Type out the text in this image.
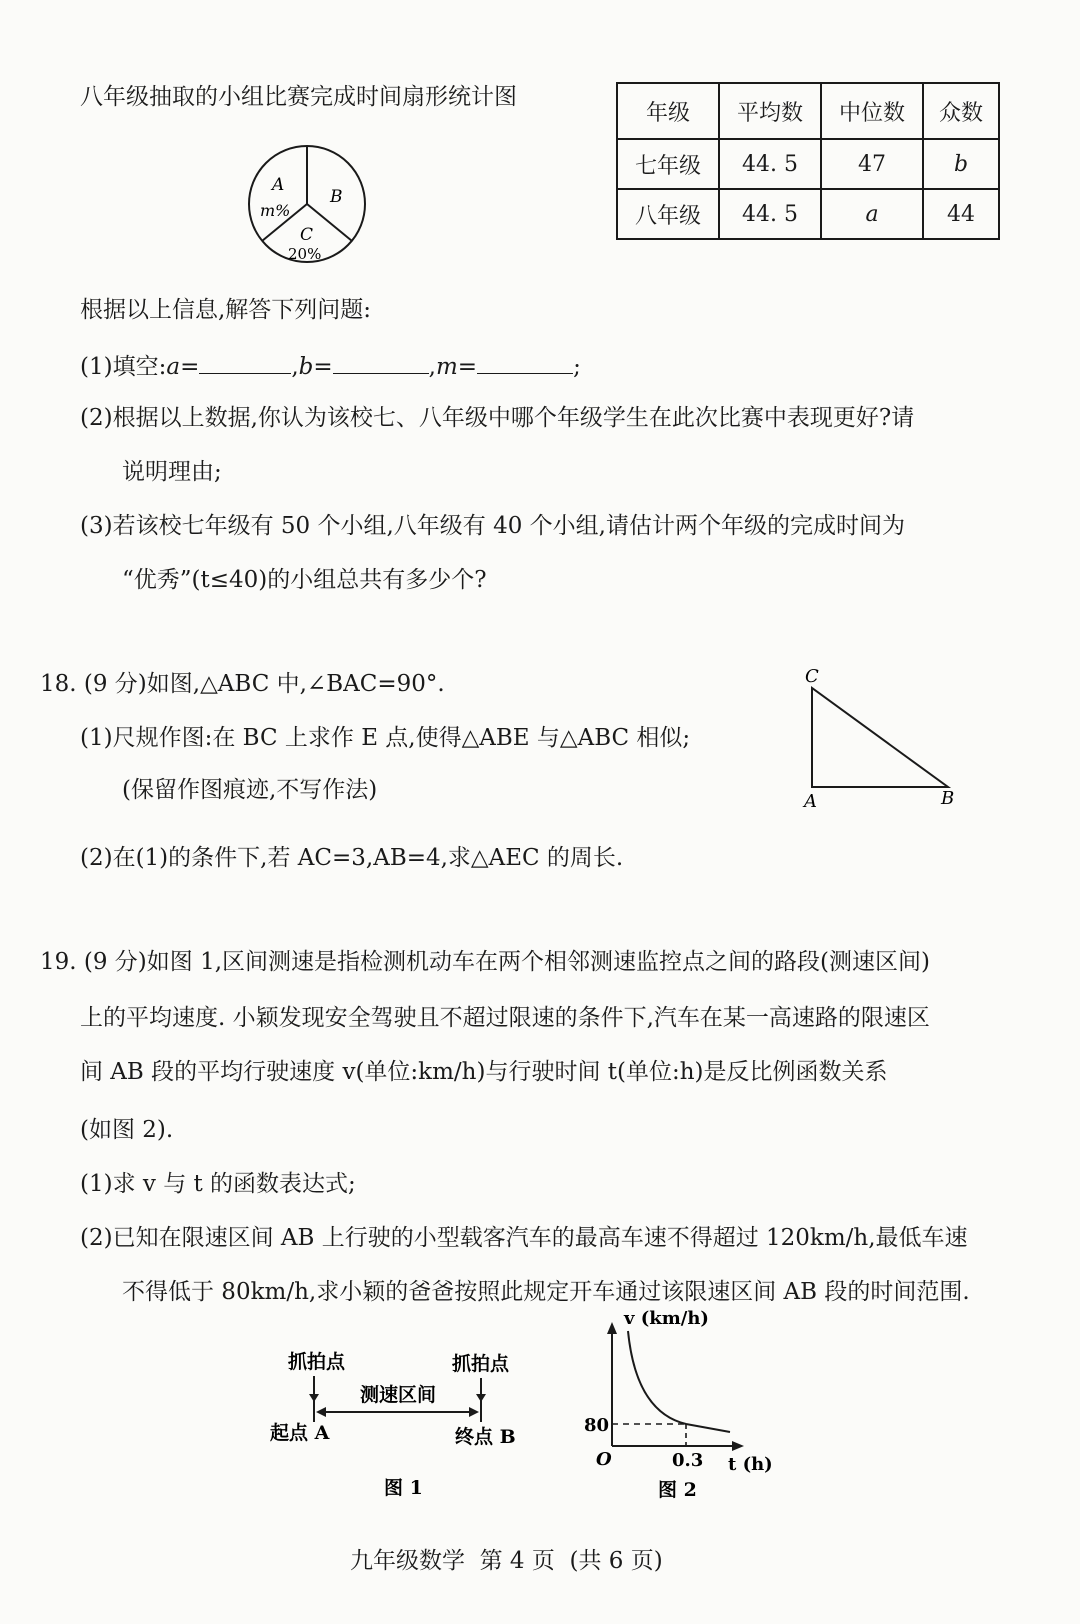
八年级抽取的小组比赛完成时间扇形统计图
A
m%
B
C
20%
年级	平均数	中位数	众数
七年级	44. 5	47	b
八年级	44. 5	a	44
根据以上信息,解答下列问题:
(1)填空:a=	,b=	,m=	;
(2)根据以上数据,你认为该校七、八年级中哪个年级学生在此次比赛中表现更好?请
说明理由;
(3)若该校七年级有 50 个小组,八年级有 40 个小组,请估计两个年级的完成时间为
“优秀”(t≤40)的小组总共有多少个?
18. (9 分)如图,△ABC 中,∠BAC=90°.
(1)尺规作图:在 BC 上求作 E 点,使得△ABE 与△ABC 相似;
(保留作图痕迹,不写作法)
(2)在(1)的条件下,若 AC=3,AB=4,求△AEC 的周长.
C
A	B
19. (9 分)如图 1,区间测速是指检测机动车在两个相邻测速监控点之间的路段(测速区间)
上的平均速度. 小颖发现安全驾驶且不超过限速的条件下,汽车在某一高速路的限速区
间 AB 段的平均行驶速度 v(单位:km/h)与行驶时间 t(单位:h)是反比例函数关系
(如图 2).
(1)求 v 与 t 的函数表达式;
(2)已知在限速区间 AB 上行驶的小型载客汽车的最高车速不得超过 120km/h,最低车速
不得低于 80km/h,求小颖的爸爸按照此规定开车通过该限速区间 AB 段的时间范围.
抓拍点	抓拍点
测速区间
起点 A	终点 B
图 1
v (km/h)
80
0.3
O	t (h)
图 2
九年级数学  第 4 页  (共 6 页)
